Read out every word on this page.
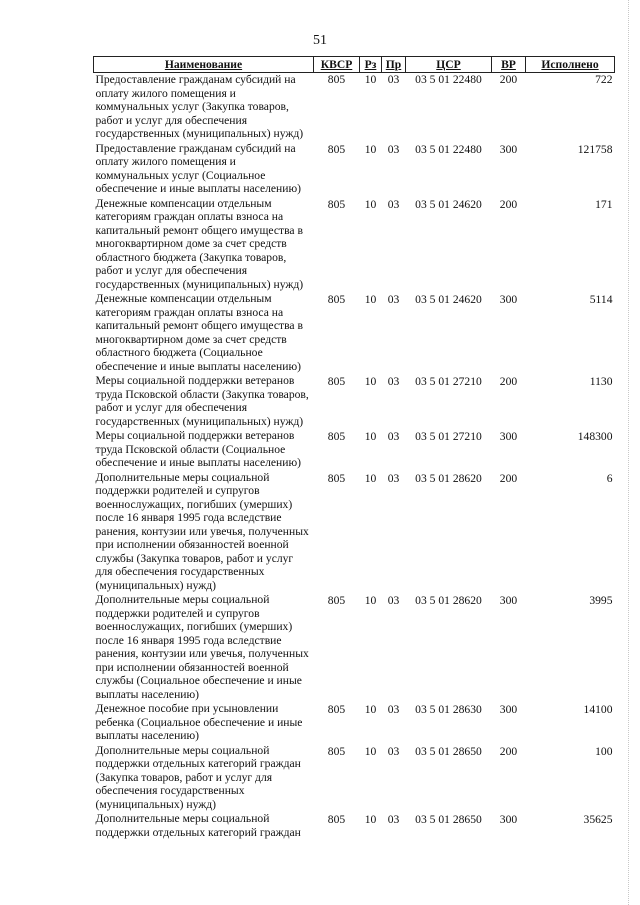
51
Наименование	КВСР	Рз	Пр	ЦСР	ВР	Исполнено
Предоставление гражданам субсидий на оплату жилого помещения и коммунальных услуг (Закупка товаров, работ и услуг для обеспечения государственных (муниципальных) нужд)	805	10	03	03 5 01 22480	200	722
Предоставление гражданам субсидий на оплату жилого помещения и коммунальных услуг (Социальное обеспечение и иные выплаты населению)	805	10	03	03 5 01 22480	300	121758
Денежные компенсации отдельным категориям граждан оплаты взноса на капитальный ремонт общего имущества в многоквартирном доме за счет средств областного бюджета (Закупка товаров, работ и услуг для обеспечения государственных (муниципальных) нужд)	805	10	03	03 5 01 24620	200	171
Денежные компенсации отдельным категориям граждан оплаты взноса на капитальный ремонт общего имущества в многоквартирном доме за счет средств областного бюджета (Социальное обеспечение и иные выплаты населению)	805	10	03	03 5 01 24620	300	5114
Меры социальной поддержки ветеранов труда Псковской области (Закупка товаров, работ и услуг для обеспечения государственных (муниципальных) нужд)	805	10	03	03 5 01 27210	200	1130
Меры социальной поддержки ветеранов труда Псковской области (Социальное обеспечение и иные выплаты населению)	805	10	03	03 5 01 27210	300	148300
Дополнительные меры социальной поддержки родителей и супругов военнослужащих, погибших (умерших) после 16 января 1995 года вследствие ранения, контузии или увечья, полученных при исполнении обязанностей военной службы (Закупка товаров, работ и услуг для обеспечения государственных (муниципальных) нужд)	805	10	03	03 5 01 28620	200	6
Дополнительные меры социальной поддержки родителей и супругов военнослужащих, погибших (умерших) после 16 января 1995 года вследствие ранения, контузии или увечья, полученных при исполнении обязанностей военной службы (Социальное обеспечение и иные выплаты населению)	805	10	03	03 5 01 28620	300	3995
Денежное пособие при усыновлении ребенка (Социальное обеспечение и иные выплаты населению)	805	10	03	03 5 01 28630	300	14100
Дополнительные меры социальной поддержки отдельных категорий граждан (Закупка товаров, работ и услуг для обеспечения государственных (муниципальных) нужд)	805	10	03	03 5 01 28650	200	100
Дополнительные меры социальной поддержки отдельных категорий граждан	805	10	03	03 5 01 28650	300	35625
